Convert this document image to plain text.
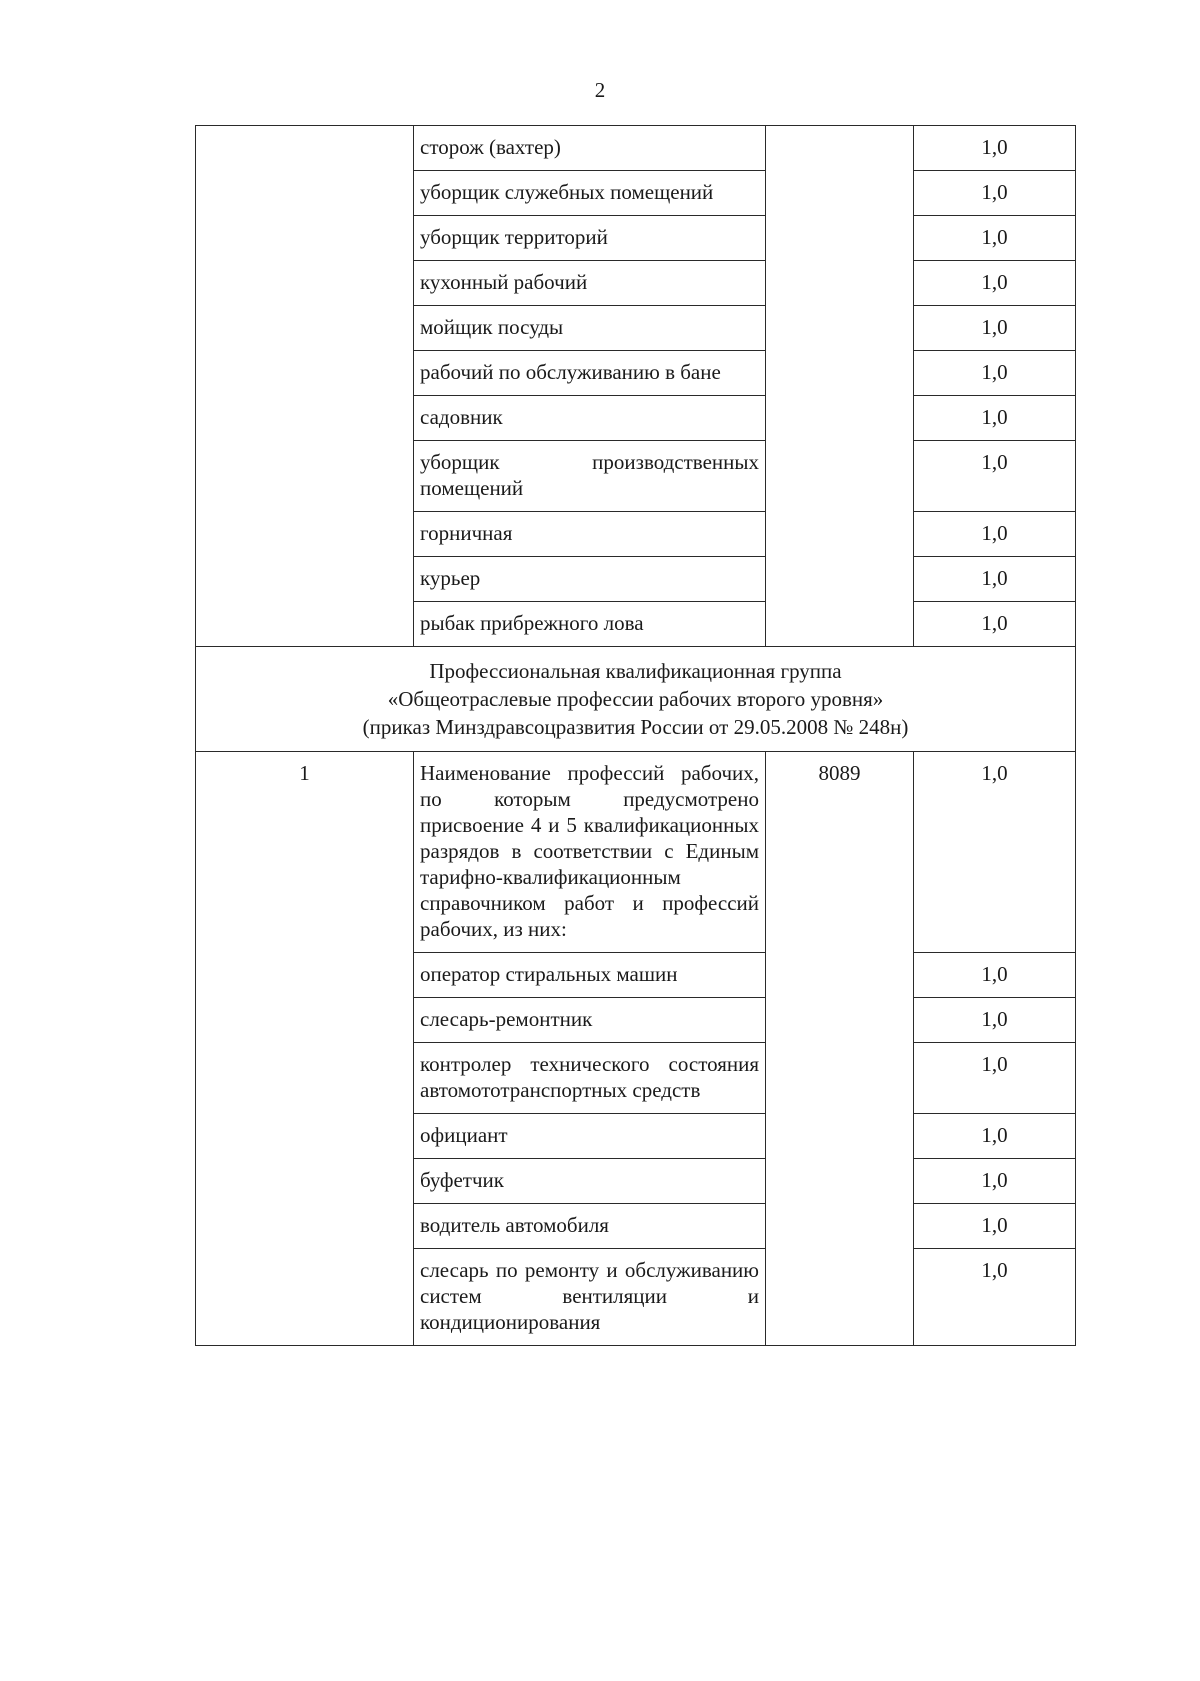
2
	сторож (вахтер)		1,0
	уборщик служебных помещений		1,0
	уборщик территорий		1,0
	кухонный рабочий		1,0
	мойщик посуды		1,0
	рабочий по обслуживанию в бане		1,0
	садовник		1,0
	уборщик производственных помещений		1,0
	горничная		1,0
	курьер		1,0
	рыбак прибрежного лова		1,0

Профессиональная квалификационная группа
«Общеотраслевые профессии рабочих второго уровня»
(приказ Минздравсоцразвития России от 29.05.2008 № 248н)			

1	Наименование профессий рабочих, по которым предусмотрено присвоение 4 и 5 квалификационных разрядов в соответствии с Единым тарифно-квалификационным справочником работ и профессий рабочих, из них:	8089	1,0
	оператор стиральных машин		1,0
	слесарь-ремонтник		1,0
	контролер технического состояния автомототранспортных средств		1,0
	официант		1,0
	буфетчик		1,0
	водитель автомобиля		1,0
	слесарь по ремонту и обслуживанию систем вентиляции и кондиционирования		1,0
